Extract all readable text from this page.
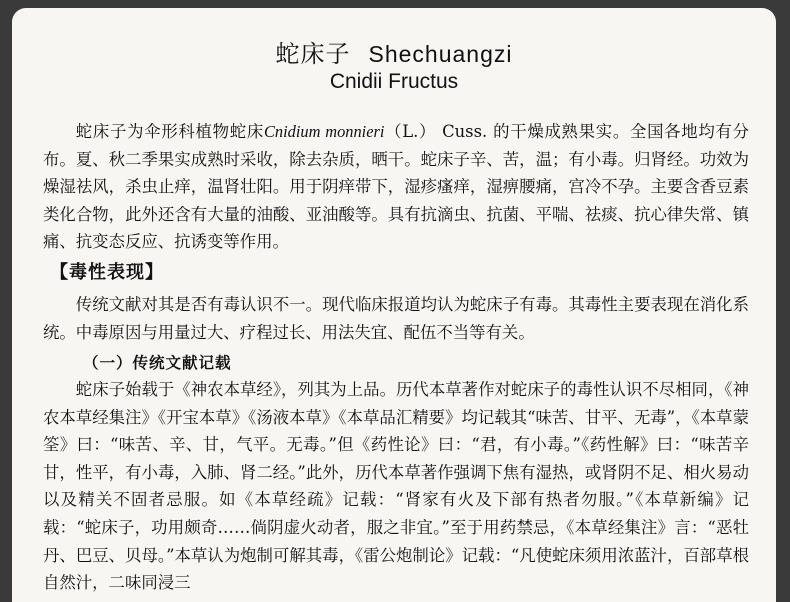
蛇床子 Shechuangzi
Cnidii Fructus

蛇床子为伞形科植物蛇床Cnidium monnieri（L.） Cuss. 的干燥成熟果实。全国各地均有分布。夏、秋二季果实成熟时采收，除去杂质，晒干。蛇床子辛、苦，温；有小毒。归肾经。功效为燥湿祛风，杀虫止痒，温肾壮阳。用于阴痒带下，湿疹瘙痒，湿痹腰痛，宫冷不孕。主要含香豆素类化合物，此外还含有大量的油酸、亚油酸等。具有抗滴虫、抗菌、平喘、祛痰、抗心律失常、镇痛、抗变态反应、抗诱变等作用。

【毒性表现】

传统文献对其是否有毒认识不一。现代临床报道均认为蛇床子有毒。其毒性主要表现在消化系统。中毒原因与用量过大、疗程过长、用法失宜、配伍不当等有关。

（一）传统文献记载

蛇床子始载于《神农本草经》，列其为上品。历代本草著作对蛇床子的毒性认识不尽相同，《神农本草经集注》《开宝本草》《汤液本草》《本草品汇精要》均记载其“味苦、甘平、无毒”，《本草蒙筌》曰：“味苦、辛、甘，气平。无毒。”但《药性论》曰：“君，有小毒。”《药性解》曰：“味苦辛甘，性平，有小毒，入肺、肾二经。”此外，历代本草著作强调下焦有湿热，或肾阴不足、相火易动以及精关不固者忌服。如《本草经疏》记载：“肾家有火及下部有热者勿服。”《本草新编》记载：“蛇床子，功用颇奇……倘阴虚火动者，服之非宜。”至于用药禁忌，《本草经集注》言：“恶牡丹、巴豆、贝母。”本草认为炮制可解其毒，《雷公炮制论》记载：“凡使蛇床须用浓蓝汁，百部草根自然汁，二味同浸三
